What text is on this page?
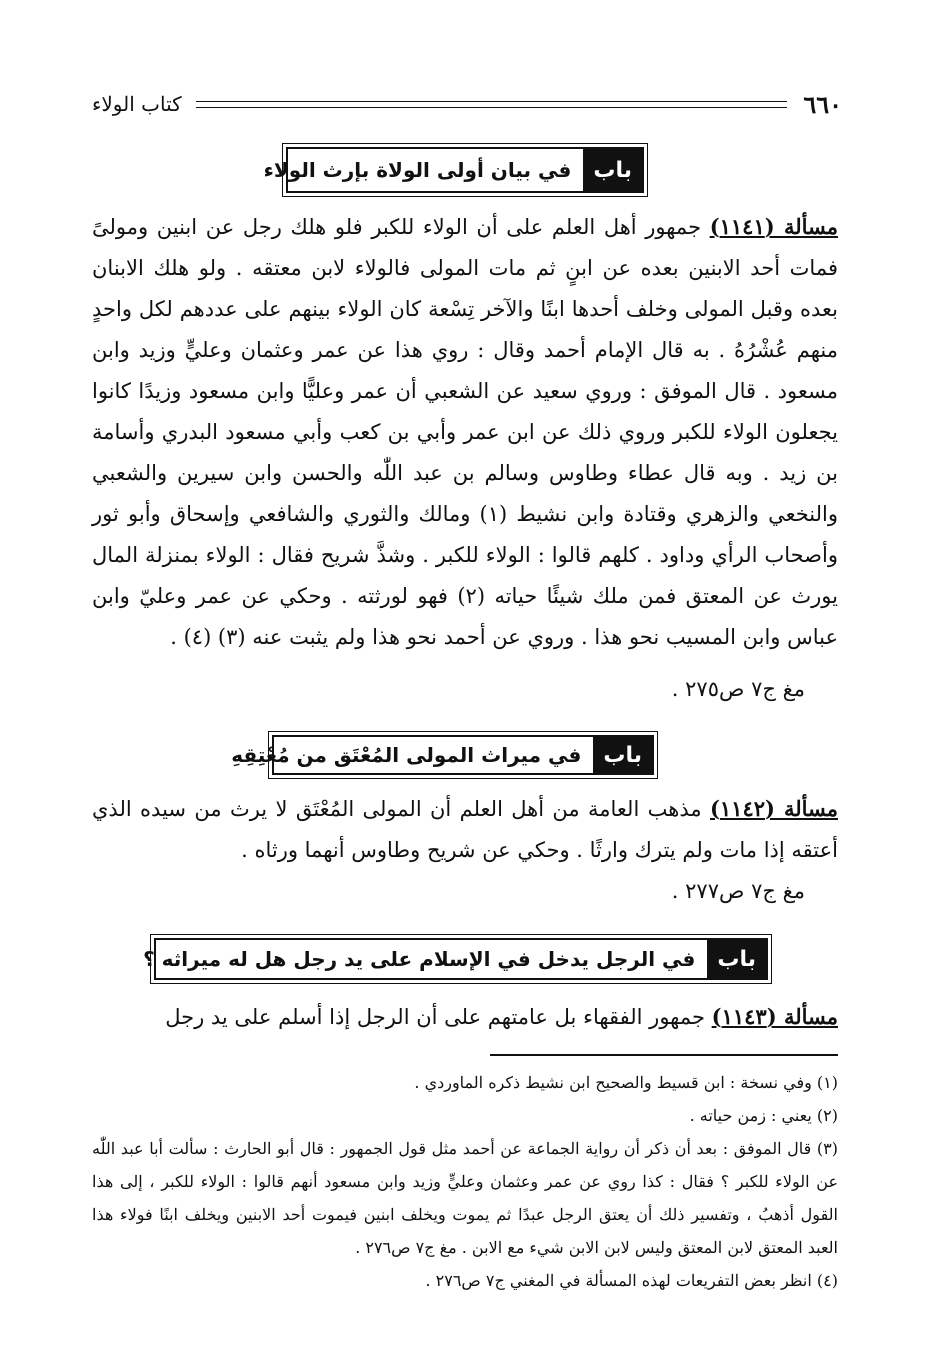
٦٦٠
كتاب الولاء
باب
في بيان أولى الولاة بإرث الولاء

مسألة (١١٤١) جمهور أهل العلم على أن الولاء للكبر فلو هلك رجل عن ابنين ومولىً فمات أحد الابنين بعده عن ابنٍ ثم مات المولى فالولاء لابن معتقه . ولو هلك الابنان بعده وقبل المولى وخلف أحدها ابنًا والآخر تِسْعة كان الولاء بينهم على عددهم لكل واحدٍ منهم عُشْرُهُ . به قال الإمام أحمد وقال : روي هذا عن عمر وعثمان وعليٍّ وزيد وابن مسعود . قال الموفق : وروي سعيد عن الشعبي أن عمر وعليًّا وابن مسعود وزيدًا كانوا يجعلون الولاء للكبر وروي ذلك عن ابن عمر وأبي بن كعب وأبي مسعود البدري وأسامة بن زيد . وبه قال عطاء وطاوس وسالم بن عبد اللّٰه والحسن وابن سيرين والشعبي والنخعي والزهري وقتادة وابن نشيط (١) ومالك والثوري والشافعي وإسحاق وأبو ثور وأصحاب الرأي وداود . كلهم قالوا : الولاء للكبر . وشذَّ شريح فقال : الولاء بمنزلة المال يورث عن المعتق فمن ملك شيئًا حياته (٢) فهو لورثته . وحكي عن عمر وعليّ وابن عباس وابن المسيب نحو هذا . وروي عن أحمد نحو هذا ولم يثبت عنه (٣) (٤) .

مغ ج٧ ص٢٧٥ .
باب
في ميراث المولى المُعْتَق من مُعْتِقِهِ

مسألة (١١٤٢) مذهب العامة من أهل العلم أن المولى المُعْتَق لا يرث من سيده الذي أعتقه إذا مات ولم يترك وارثًا . وحكي عن شريح وطاوس أنهما ورثاه .

مغ ج٧ ص٢٧٧ .
باب
في الرجل يدخل في الإسلام على يد رجل هل له ميراثه ؟

مسألة (١١٤٣) جمهور الفقهاء بل عامتهم على أن الرجل إذا أسلم على يد رجل

(١) وفي نسخة : ابن قسيط والصحيح ابن نشيط ذكره الماوردي .

(٢) يعني : زمن حياته .

(٣) قال الموفق : بعد أن ذكر أن رواية الجماعة عن أحمد مثل قول الجمهور : قال أبو الحارث : سألت أبا عبد اللّٰه عن الولاء للكبر ؟ فقال : كذا روي عن عمر وعثمان وعليٍّ وزيد وابن مسعود أنهم قالوا : الولاء للكبر ، إلى هذا القول أذهبُ ، وتفسير ذلك أن يعتق الرجل عبدًا ثم يموت ويخلف ابنين فيموت أحد الابنين ويخلف ابنًا فولاء هذا العبد المعتق لابن المعتق وليس لابن الابن شيء مع الابن . مغ ج٧ ص٢٧٦ .

(٤) انظر بعض التفريعات لهذه المسألة في المغني ج٧ ص٢٧٦ .
